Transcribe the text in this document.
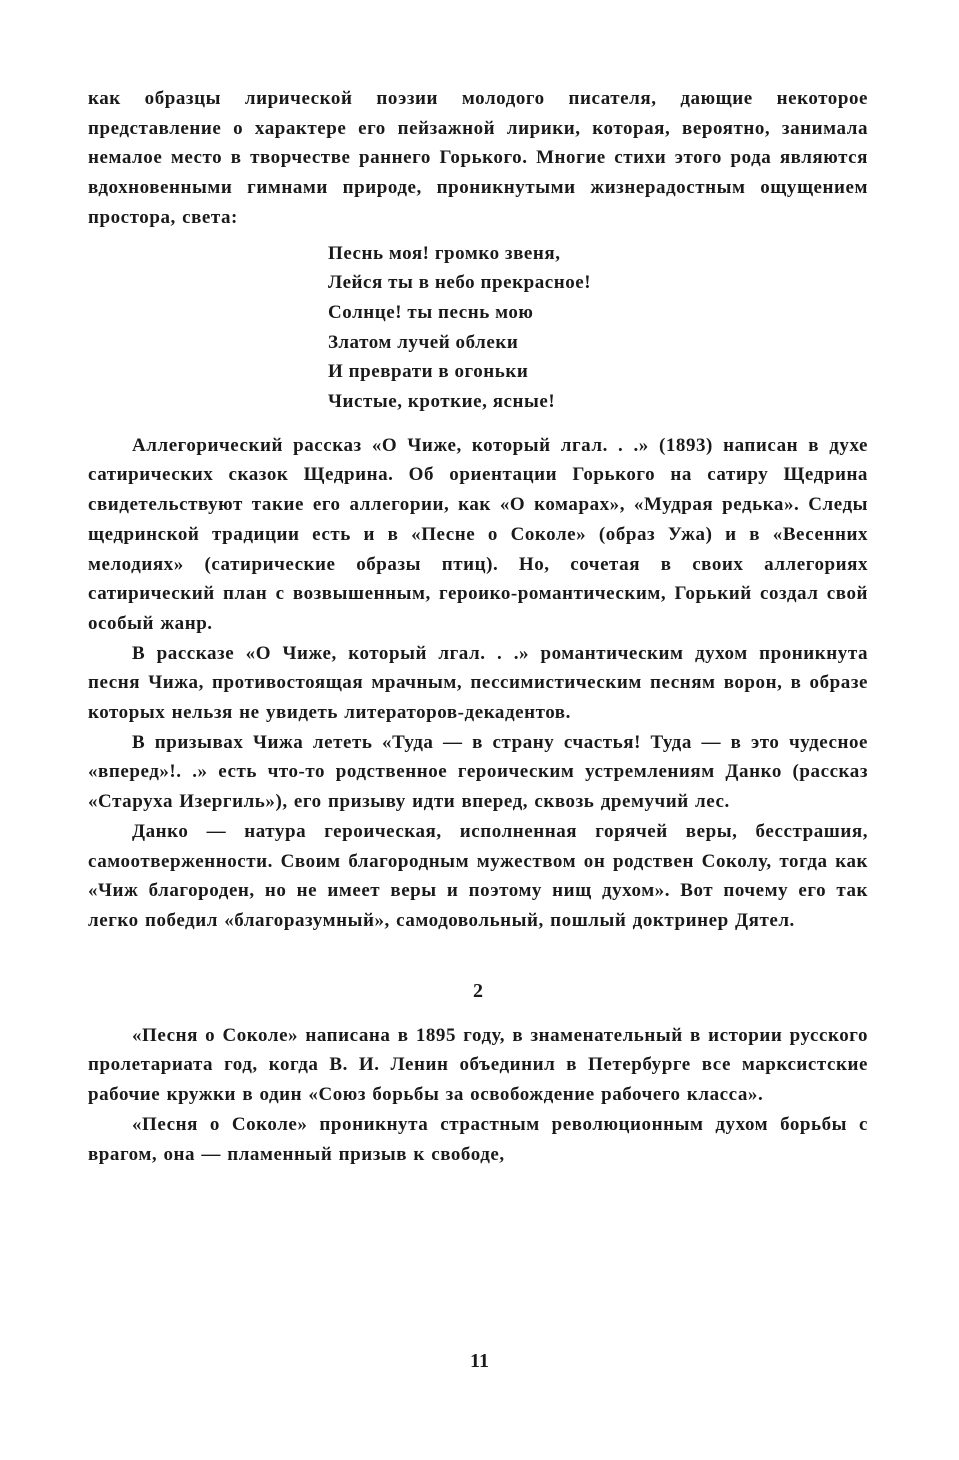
как образцы лирической поэзии молодого писателя, дающие некоторое представление о характере его пейзажной лирики, которая, вероятно, занимала немалое место в творчестве раннего Горького. Многие стихи этого рода являются вдохновенными гимнами природе, проникнутыми жизнерадостным ощущением простора, света:

Песнь моя! громко звеня,
Лейся ты в небо прекрасное!
Солнце! ты песнь мою
Златом лучей облеки
И преврати в огоньки
Чистые, кроткие, ясные!

Аллегорический рассказ «О Чиже, который лгал. . .» (1893) написан в духе сатирических сказок Щедрина. Об ориентации Горького на сатиру Щедрина свидетельствуют такие его аллегории, как «О комарах», «Мудрая редька». Следы щедринской традиции есть и в «Песне о Соколе» (образ Ужа) и в «Весенних мелодиях» (сатирические образы птиц). Но, сочетая в своих аллегориях сатирический план с возвышенным, героико-романтическим, Горький создал свой особый жанр.

В рассказе «О Чиже, который лгал. . .» романтическим духом проникнута песня Чижа, противостоящая мрачным, пессимистическим песням ворон, в образе которых нельзя не увидеть литераторов-декадентов.

В призывах Чижа лететь «Туда — в страну счастья! Туда — в это чудесное «вперед»!. .» есть что-то родственное героическим устремлениям Данко (рассказ «Старуха Изергиль»), его призыву идти вперед, сквозь дремучий лес.

Данко — натура героическая, исполненная горячей веры, бесстрашия, самоотверженности. Своим благородным мужеством он родствен Соколу, тогда как «Чиж благороден, но не имеет веры и поэтому нищ духом». Вот почему его так легко победил «благоразумный», самодовольный, пошлый доктринер Дятел.

2

«Песня о Соколе» написана в 1895 году, в знаменательный в истории русского пролетариата год, когда В. И. Ленин объединил в Петербурге все марксистские рабочие кружки в один «Союз борьбы за освобождение рабочего класса».

«Песня о Соколе» проникнута страстным революционным духом борьбы с врагом, она — пламенный призыв к свободе,

11
